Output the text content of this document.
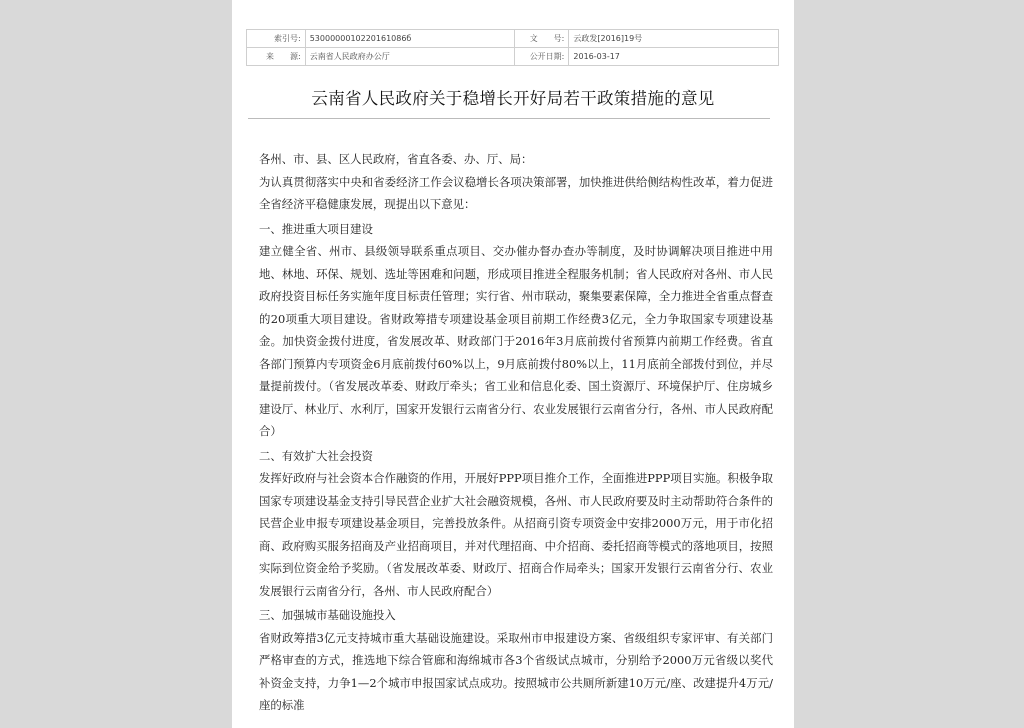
索引号:	5300000010220161086б	文　　号:	云政发[2016]19号
来　　源:	云南省人民政府办公厅	公开日期:	2016-03-17
云南省人民政府关于稳增长开好局若干政策措施的意见

各州、市、县、区人民政府，省直各委、办、厅、局：

为认真贯彻落实中央和省委经济工作会议稳增长各项决策部署，加快推进供给侧结构性改革，着力促进全省经济平稳健康发展，现提出以下意见：

一、推进重大项目建设

建立健全省、州市、县级领导联系重点项目、交办催办督办查办等制度，及时协调解决项目推进中用地、林地、环保、规划、选址等困难和问题，形成项目推进全程服务机制；省人民政府对各州、市人民政府投资目标任务实施年度目标责任管理；实行省、州市联动，聚集要素保障，全力推进全省重点督查的20项重大项目建设。省财政筹措专项建设基金项目前期工作经费3亿元，全力争取国家专项建设基金。加快资金拨付进度，省发展改革、财政部门于2016年3月底前拨付省预算内前期工作经费。省直各部门预算内专项资金6月底前拨付60%以上，9月底前拨付80%以上，11月底前全部拨付到位，并尽量提前拨付。（省发展改革委、财政厅牵头；省工业和信息化委、国土资源厅、环境保护厅、住房城乡建设厅、林业厅、水利厅，国家开发银行云南省分行、农业发展银行云南省分行，各州、市人民政府配合）

二、有效扩大社会投资

发挥好政府与社会资本合作融资的作用，开展好PPP项目推介工作，全面推进PPP项目实施。积极争取国家专项建设基金支持引导民营企业扩大社会融资规模，各州、市人民政府要及时主动帮助符合条件的民营企业申报专项建设基金项目，完善投放条件。从招商引资专项资金中安排2000万元，用于市化招商、政府购买服务招商及产业招商项目，并对代理招商、中介招商、委托招商等模式的落地项目，按照实际到位资金给予奖励。（省发展改革委、财政厅、招商合作局牵头；国家开发银行云南省分行、农业发展银行云南省分行，各州、市人民政府配合）

三、加强城市基础设施投入

省财政筹措3亿元支持城市重大基础设施建设。采取州市申报建设方案、省级组织专家评审、有关部门严格审查的方式，推选地下综合管廊和海绵城市各3个省级试点城市，分别给予2000万元省级以奖代补资金支持，力争1—2个城市申报国家试点成功。按照城市公共厕所新建10万元/座、改建提升4万元/座的标准
